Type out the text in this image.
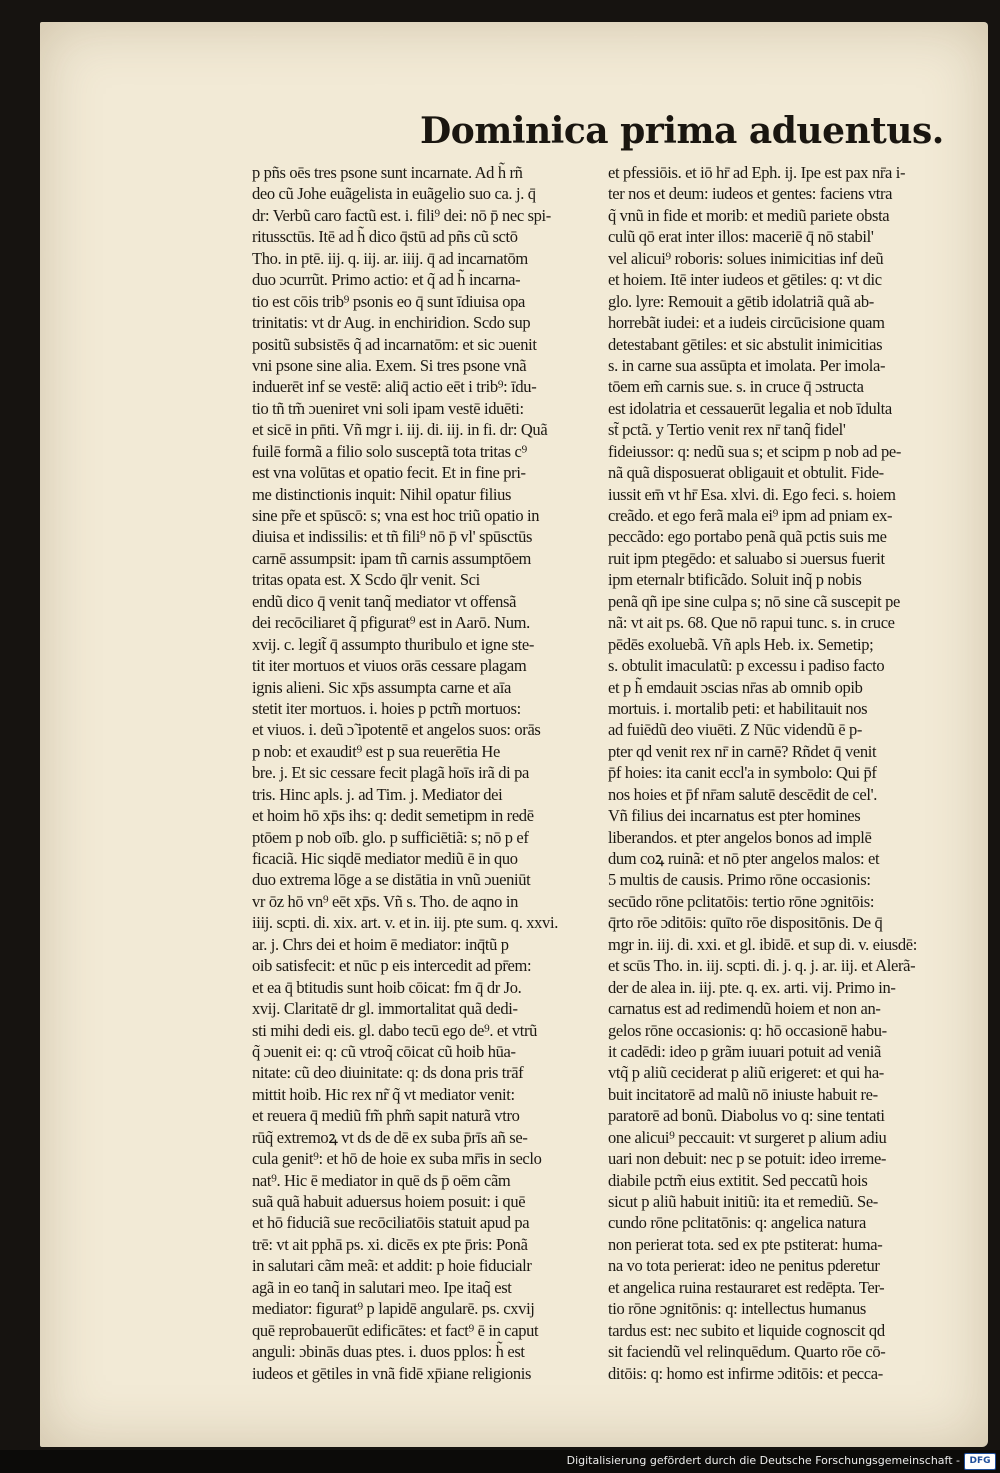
Dominica prima aduentus.
p pñs oēs tres psone sunt incarnate. Ad h̃ rñ
deo cũ Johe euãgelista in euãgelio suo ca. j. q̄
dr: Verbũ caro factũ est. i. fili⁹ dei: nō p̄ nec spi-
ritussctūs. Itē ad h̃ dico q̄stū ad pñs cũ sctō
Tho. in ptē. iij. q. iij. ar. iiij. q̄ ad incarnatōm
duo ɔcurrũt. Primo actio: et q̃ ad h̃ incarna-
tio est cōis trib⁹ psonis eo q̄ sunt īdiuisa opa
trinitatis: vt dr Aug. in enchiridion. Scdo sup
positũ subsistēs q̃ ad incarnatōm: et sic ɔuenit
vni psone sine alia. Exem. Si tres psone vnã
induerēt inf se vestē: aliq̄ actio eēt i trib⁹: īdu-
tio tñ tm̃ ɔueniret vni soli ipam vestē iduēti:
et sicē in pn̄ti. Vñ mgr i. iij. di. iij. in fi. dr: Quã
fuilē formã a filio solo susceptã tota tritas c⁹
est vna volūtas et opatio fecit. Et in fine pri-
me distinctionis inquit: Nihil opatur filius
sine pr̃e et spūscō: s; vna est hoc triũ opatio in
diuisa et indissilis: et tñ fili⁹ nō p̄ vl' spūsctūs
carnē assumpsit: ipam tñ carnis assumptōem
tritas opata est. X Scdo q̄lr venit. Sci
endũ dico q̄ venit tanq̃ mediator vt offensã
dei recōciliaret q̃ pfigurat⁹ est in Aarō. Num.
xvij. c. legit̃ q̄ assumpto thuribulo et igne ste-
tit iter mortuos et viuos orās cessare plagam
ignis alieni. Sic xp̄s assumpta carne et aīa
stetit iter mortuos. i. hoies p pctm̃ mortuos:
et viuos. i. deũ ɔ̃ ipotentē et angelos suos: orās
p nob: et exaudit⁹ est p sua reuerētia He
bre. j. Et sic cessare fecit plagã hoīs irã di pa
tris. Hinc apls. j. ad Tim. j. Mediator dei
et hoim hō xp̄s ihs: q: dedit semetipm in redē
ptōem p nob oīb. glo. p sufficiētiã: s; nō p ef
ficaciã. Hic siqdē mediator mediũ ē in quo
duo extrema lōge a se distātia in vnũ ɔueniūt
vr ōz hō vn⁹ eēt xp̄s. Vñ s. Tho. de aqno in
iiij. scpti. di. xix. art. v. et in. iij. pte sum. q. xxvi.
ar. j. Chrs dei et hoim ē mediator: inq̄tũ p
oib satisfecit: et nūc p eis intercedit ad pr̄em:
et ea q̄ btitudis sunt hoib cōicat: fm q̄ dr Jo.
xvij. Claritatē dr gl. immortalitat quã dedi-
sti mihi dedi eis. gl. dabo tecū ego de⁹. et vtrũ
q̃ ɔuenit ei: q: cũ vtroq̃ cōicat cũ hoib hūa-
nitate: cũ deo diuinitate: q: ds dona pris trāf
mittit hoib. Hic rex nr̃ q̃ vt mediator venit:
et reuera q̄ mediũ fm̃ phm̃ sapit naturã vtro
rūq̃ extremoꝝ vt ds de dē ex suba p̄rīs añ se-
cula genit⁹: et hō de hoie ex suba mr̄is in seclo
nat⁹. Hic ē mediator in quē ds p̄ oēm cãm
suã quã habuit aduersus hoiem posuit: i quē
et hō fiduciã sue recōciliatōis statuit apud pa
trē: vt ait pphā ps. xi. dicēs ex pte p̄ris: Ponã
in salutari cãm meã: et addit: p hoie fiducialr
agã in eo tanq̃ in salutari meo. Ipe itaq̃ est
mediator: figurat⁹ p lapidē angularē. ps. cxvij
quē reprobauerūt edificātes: et fact⁹ ē in caput
anguli: ɔbinās duas ptes. i. duos pplos: h̃ est
iudeos et gētiles in vnã fidē xp̄iane religionis
et pfessiōis. et iō hr̄ ad Eph. ij. Ipe est pax nr̄a i-
ter nos et deum: iudeos et gentes: faciens vtra
q̃ vnũ in fide et morib: et mediũ pariete obsta
culũ qō erat inter illos: maceriē q̄ nō stabil'
vel alicui⁹ roboris: solues inimicitias inf deũ
et hoiem. Itē inter iudeos et gētiles: q: vt dic
glo. lyre: Remouit a gētib idolatriã quã ab-
horrebãt iudei: et a iudeis circūcisione quam
detestabant gētiles: et sic abstulit inimicitias
s. in carne sua assūpta et imolata. Per imola-
tōem em̃ carnis sue. s. in cruce q̄ ɔstructa
est idolatria et cessauerūt legalia et nob īdulta
st̃ pctã. y Tertio venit rex nr̄ tanq̃ fidel'
fideiussor: q: nedũ sua s; et scipm p nob ad pe-
nã quã disposuerat obligauit et obtulit. Fide-
iussit em̄ vt hr̄ Esa. xlvi. di. Ego feci. s. hoiem
creãdo. et ego ferã mala ei⁹ ipm ad pniam ex-
peccãdo: ego portabo penã quã pctis suis me
ruit ipm ptegēdo: et saluabo si ɔuersus fuerit
ipm eternalr btificãdo. Soluit inq̃ p nobis
penã qñ ipe sine culpa s; nō sine cã suscepit pe
nã: vt ait ps. 68. Que nō rapui tunc. s. in cruce
pēdēs exoluebã. Vñ apls Heb. ix. Semetip;
s. obtulit imaculatũ: p excessu i padiso facto
et p h̃ emdauit ɔscias nr̄as ab omnib opib
mortuis. i. mortalib peti: et habilitauit nos
ad fuiēdũ deo viuēti. Z Nūc videndũ ē p-
pter qd venit rex nr̄ in carnē? Rñdet q̄ venit
p̄f hoies: ita canit eccl'a in symbolo: Qui p̄f
nos hoies et p̄f nr̄am salutē descēdit de cel'.
Vñ filius dei incarnatus est pter homines
liberandos. et pter angelos bonos ad implē
dum coꝝ ruinã: et nō pter angelos malos: et
5 multis de causis. Primo rōne occasionis:
secūdo rōne pclitatōis: tertio rōne ɔgnitōis:
q̄rto rōe ɔditōis: quīto rōe dispositōnis. De q̄
mgr in. iij. di. xxi. et gl. ibidē. et sup di. v. eiusdē:
et scūs Tho. in. iij. scpti. di. j. q. j. ar. iij. et Alerã-
der de alea in. iij. pte. q. ex. arti. vij. Primo in-
carnatus est ad redimendũ hoiem et non an-
gelos rōne occasionis: q: hō occasionē habu-
it cadēdi: ideo p grãm iuuari potuit ad veniã
vtq̃ p aliũ ceciderat p aliũ erigeret: et qui ha-
buit incitatorē ad malũ nō iniuste habuit re-
paratorē ad bonũ. Diabolus vo q: sine tentati
one alicui⁹ peccauit: vt surgeret p alium adiu
uari non debuit: nec p se potuit: ideo irreme-
diabile pctm̃ eius extitit. Sed peccatũ hois
sicut p aliũ habuit initiũ: ita et remediũ. Se-
cundo rōne pclitatōnis: q: angelica natura
non perierat tota. sed ex pte pstiterat: huma-
na vo tota perierat: ideo ne penitus pderetur
et angelica ruina restauraret est redēpta. Ter-
tio rōne ɔgnitōnis: q: intellectus humanus
tardus est: nec subito et liquide cognoscit qd
sit faciendũ vel relinquēdum. Quarto rōe cō-
ditōis: q: homo est infirme ɔditōis: et pecca-
Digitalisierung gefördert durch die Deutsche Forschungsgemeinschaft -	DFG
